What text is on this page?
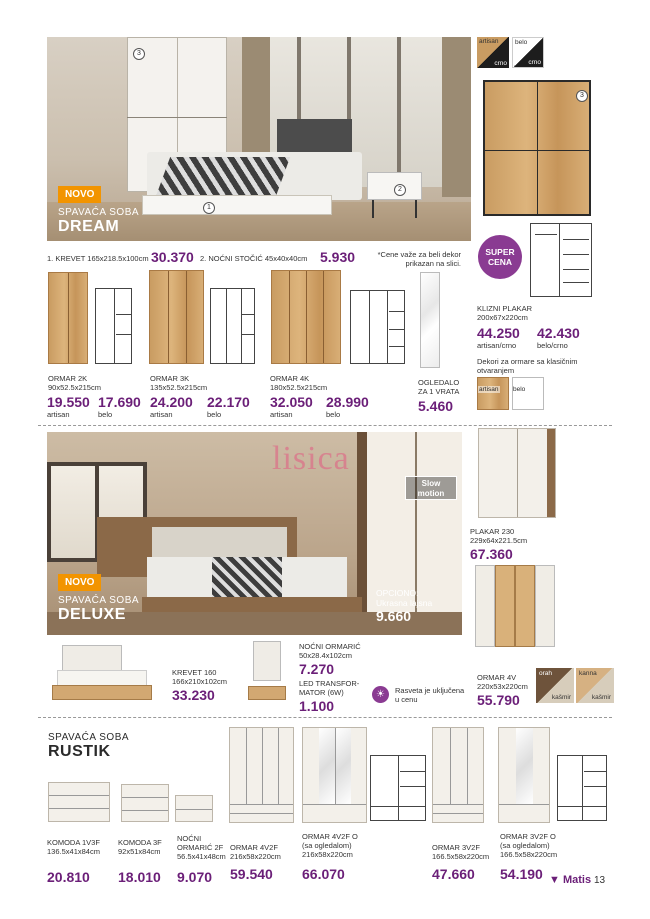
3
1
2
NOVO
SPAVAĆA SOBA
DREAM
1. KREVET 165x218.5x100cm 30.370 2. NOĆNI STOČIĆ 45x40x40cm 5.930	*Cene važe za beli dekor prikazan na slici.
artisan
crno
belo
crno
3
SUPER CENA
KLIZNI PLAKAR
200x67x220cm
44.250
artisan/crno
42.430
belo/crno
Dekori za ormare sa klasičnim otvaranjem
artisan	belo
ORMAR 2K
90x52.5x215cm
19.550
artisan
17.690
belo
ORMAR 3K
135x52.5x215cm
24.200
artisan
22.170
belo
ORMAR 4K
180x52.5x215cm
32.050
artisan
28.990
belo
OGLEDALO
ZA 1 VRATA
5.460
lisica
Slow
motion
NOVO
SPAVAĆA SOBA
DELUXE
OPCIONO:
Ukrasna lajsna
9.660
PLAKAR 230
229x64x221.5cm
67.360
ORMAR 4V
220x53x220cm
55.790
orah
kašmir
kanna
kašmir
KREVET 160
166x210x102cm
33.230
NOĆNI ORMARIĆ
50x28.4x102cm
7.270
LED TRANSFOR-
MATOR (6W)
1.100
☀	Rasveta je uključena u cenu
SPAVAĆA SOBA
RUSTIK
KOMODA 1V3F
136.5x41x84cm
20.810
KOMODA 3F
92x51x84cm
18.010
NOĆNI
ORMARIĆ 2F
56.5x41x48cm
9.070
ORMAR 4V2F
216x58x220cm
59.540
ORMAR 4V2F O
(sa ogledalom)
216x58x220cm
66.070
ORMAR 3V2F
166.5x58x220cm
47.660
ORMAR 3V2F O
(sa ogledalom)
166.5x58x220cm
54.190 ▼ Matis 13
